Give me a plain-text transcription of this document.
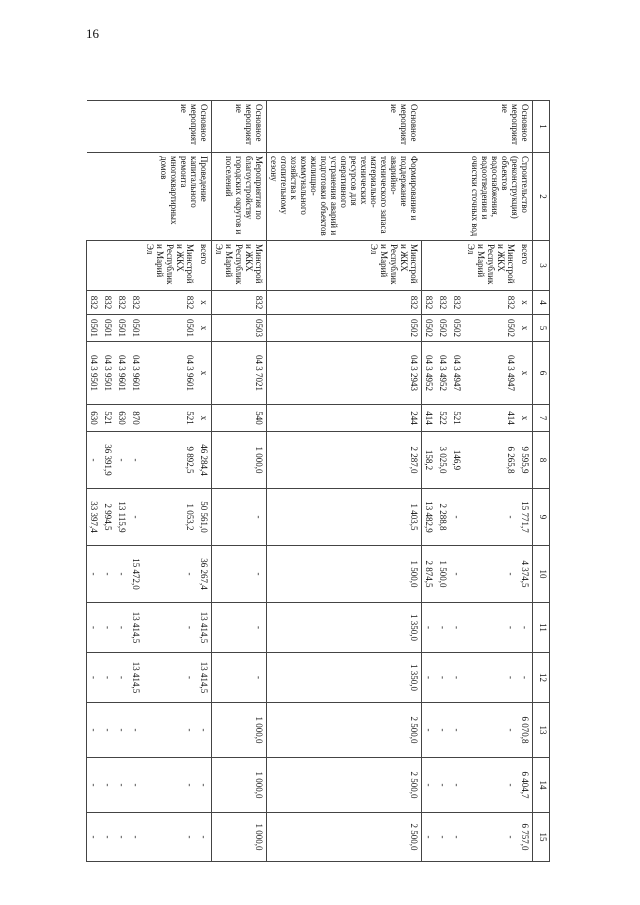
16
1	2	3	4	5	6	7	8	9	10	11	12	13	14	15
Основное мероприятие	Строительство (реконструкция) объектов водоснабжения, водоотведения и очистки сточных вод	всего	x	x	x	x	9 595,9	15 771,7	4 374,5	-	-	6 070,8	6 404,7	6 757,0
		Минстрой и ЖКХ Республики Марий Эл	832	0502	04 3 4947	414	6 265,8	-	-	-	-	-	-	-
			832	0502	04 3 4947	521	146,9	-	-	-	-	-	-	-
			832	0502	04 3 4952	522	3 025,0	2 288,8	1 500,0	-	-	-	-	-
			832	0502	04 3 4952	414	158,2	13 482,9	2 874,5	-	-	-	-	-
Основное мероприятие	Формирование и поддержание аварийно-технического запаса материально-технических ресурсов для оперативного устранения аварий и подготовки объектов жилищно-коммунального хозяйства к отопительному сезону	Минстрой и ЖКХ Республики Марий Эл	832	0502	04 3 2943	244	2 287,0	1 403,5	1 500,0	1 350,0	1 350,0	2 500,0	2 500,0	2 500,0
Основное мероприятие	Мероприятия по благоустройству городских округов и поселений	Минстрой и ЖКХ Республики Марий Эл	832	0503	04 3 7021	540	1 000,0	-	-	-	-	1 000,0	1 000,0	1 000,0
Основное мероприятие	Проведение капитального ремонта многоквартирных домов	всего	x	x	x	x	46 284,4	50 561,0	36 267,4	13 414,5	13 414,5	-	-	-
		Минстрой и ЖКХ Республики Марий Эл	832	0501	04 3 9601	521	9 892,5	1 053,2	-	-	-	-	-	-
			832	0501	04 3 9601	870	-	-	15 472,0	13 414,5	13 414,5	-	-	-
			832	0501	04 3 9601	630	-	13 115,9	-	-	-	-	-	-
			832	0501	04 3 9501	521	36 391,9	2 994,5	-	-	-	-	-	-
			832	0501	04 3 9501	630	-	33 397,4	-	-	-	-	-	-
